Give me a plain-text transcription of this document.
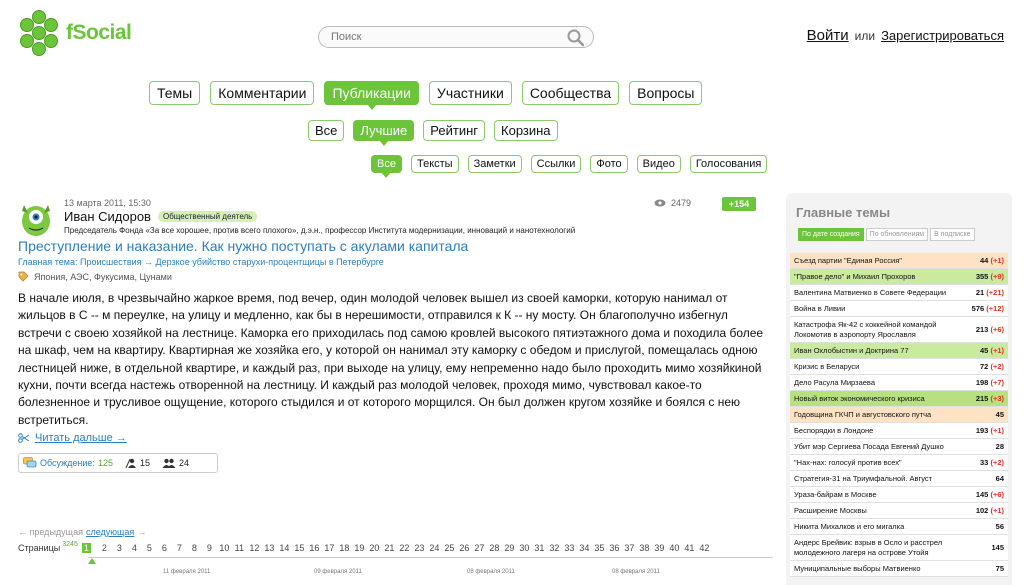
fSocial
Поиск	Войти или Зарегистрироваться
Темы	Комментарии	Публикации	Участники	Сообщества	Вопросы
Все	Лучшие	Рейтинг	Корзина
Все	Тексты	Заметки	Ссылки	Фото	Видео	Голосования
13 марта 2011, 15:30
Иван Сидоров	Общественный деятель
Председатель Фонда «За все хорошее, против всего плохого», д.э.н., профессор Института модернизации, инноваций и нанотехнологий
2479	+154
Преступление и наказание. Как нужно поступать с акулами капитала
Главная тема: Происшествия → Дерзкое убийство старухи-процентщицы в Петербурге
Япония, АЭС, Фукусима, Цунами
В начале июля, в чрезвычайно жаркое время, под вечер, один молодой человек вышел из своей каморки, которую нанимал от жильцов в С -- м переулке, на улицу и медленно, как бы в нерешимости, отправился к К -- ну мосту. Он благополучно избегнул встречи с своею хозяйкой на лестнице. Каморка его приходилась под самою кровлей высокого пятиэтажного дома и походила более на шкаф, чем на квартиру. Квартирная же хозяйка его, у которой он нанимал эту каморку с обедом и прислугой, помещалась одною лестницей ниже, в отдельной квартире, и каждый раз, при выходе на улицу, ему непременно надо было проходить мимо хозяйкиной кухни, почти всегда настежь отворенной на лестницу. И каждый раз молодой человек, проходя мимо, чувствовал какое-то болезненное и трусливое ощущение, которого стыдился и от которого морщился. Он был должен кругом хозяйке и боялся с нею встретиться.
Читать дальше →
Обсуждение: 125	15	24
← предыдущая следующая →
Страницы 3245 1	2	3	4	5	6	7	8	9 10 11 12 13 14 15 16 17 18 19 20 21 22 23 24 25 26 27 28 29 30 31 32 33 34 35 36 37 38 39 40 41 42
11 февраля 2011	09 февраля 2011	08 февраля 2011	08 февраля 2011
Главные темы
По дате создания	По обновлениям	В подписке
Съезд партии "Единая Россия"	44 (+1)
"Правое дело" и Михаил Прохоров	355 (+9)
Валентина Матвиенко в Совете Федерации	21 (+21)
Война в Ливии	576 (+12)
Катастрофа Як-42 с хоккейной командой Локомотив в аэропорту Ярославля	213 (+6)
Иван Охлобыстин и Доктрина 77	45 (+1)
Кризис в Беларуси	72 (+2)
Дело Расула Мирзаева	198 (+7)
Новый виток экономического кризиса	215 (+3)
Годовщина ГКЧП и августовского путча	45
Беспорядки в Лондоне	193 (+1)
Убит мэр Сергиева Посада Евгений Душко	28
"Нах-нах: голосуй против всех"	33 (+2)
Стратегия-31 на Триумфальной. Август	64
Ураза-байрам в Москве	145 (+6)
Расширение Москвы	102 (+1)
Никита Михалков и его мигалка	56
Андерс Брейвик: взрыв в Осло и расстрел молодежного лагеря на острове Утойя	145
Муниципальные выборы Матвиенко	75
